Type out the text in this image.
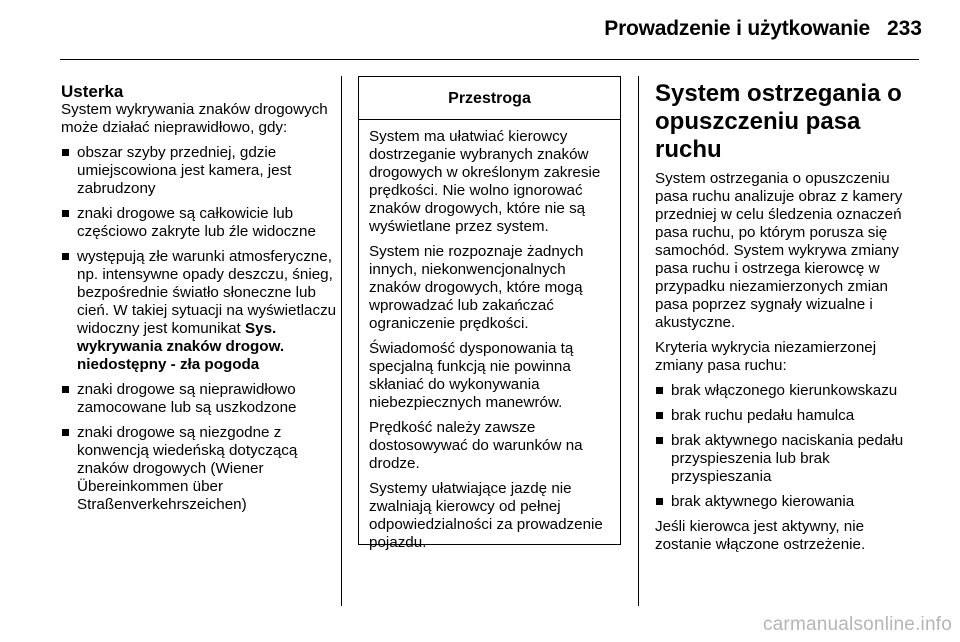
Prowadzenie i użytkowanie 233
Usterka

System wykrywania znaków drogowych może działać nieprawidłowo, gdy:

obszar szyby przedniej, gdzie umiejscowiona jest kamera, jest zabrudzony
znaki drogowe są całkowicie lub częściowo zakryte lub źle widoczne
występują złe warunki atmosferyczne, np. intensywne opady deszczu, śnieg, bezpośrednie światło słoneczne lub cień. W takiej sytuacji na wyświetlaczu widoczny jest komunikat Sys. wykrywania znaków drogow. niedostępny - zła pogoda
znaki drogowe są nieprawidłowo zamocowane lub są uszkodzone
znaki drogowe są niezgodne z konwencją wiedeńską dotyczącą znaków drogowych (Wiener Übereinkommen über Straßenverkehrszeichen)
Przestroga

System ma ułatwiać kierowcy dostrzeganie wybranych znaków drogowych w określonym zakresie prędkości. Nie wolno ignorować znaków drogowych, które nie są wyświetlane przez system.

System nie rozpoznaje żadnych innych, niekonwencjonalnych znaków drogowych, które mogą wprowadzać lub zakańczać ograniczenie prędkości.

Świadomość dysponowania tą specjalną funkcją nie powinna skłaniać do wykonywania niebezpiecznych manewrów.

Prędkość należy zawsze dostosowywać do warunków na drodze.

Systemy ułatwiające jazdę nie zwalniają kierowcy od pełnej odpowiedzialności za prowadzenie pojazdu.

System ostrzegania o opuszczeniu pasa ruchu

System ostrzegania o opuszczeniu pasa ruchu analizuje obraz z kamery przedniej w celu śledzenia oznaczeń pasa ruchu, po którym porusza się samochód. System wykrywa zmiany pasa ruchu i ostrzega kierowcę w przypadku niezamierzonych zmian pasa poprzez sygnały wizualne i akustyczne.

Kryteria wykrycia niezamierzonej zmiany pasa ruchu:

brak włączonego kierunkowskazu
brak ruchu pedału hamulca
brak aktywnego naciskania pedału przyspieszenia lub brak przyspieszania
brak aktywnego kierowania

Jeśli kierowca jest aktywny, nie zostanie włączone ostrzeżenie.

carmanualsonline.info
